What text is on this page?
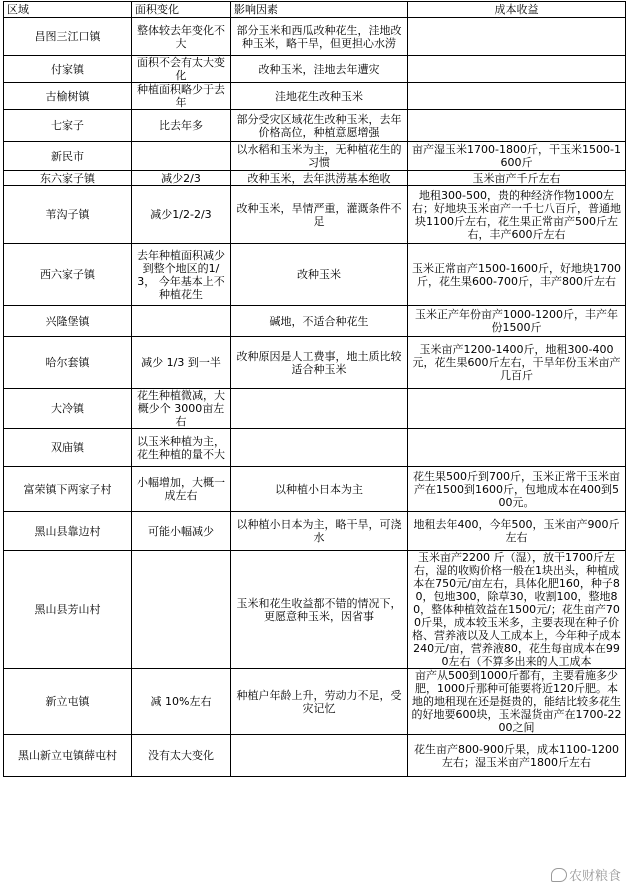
区域	面积变化	影响因素	成本收益
昌图三江口镇	整体较去年变化不大	部分玉米和西瓜改种花生，洼地改种玉米，略干旱，但更担心水涝	
付家镇	面积不会有太大变化	改种玉米，洼地去年遭灾	
古榆树镇	种植面积略少于去年	洼地花生改种玉米	
七家子	比去年多	部分受灾区域花生改种玉米，去年价格高位，种植意愿增强	
新民市		以水稻和玉米为主，无种植花生的习惯	亩产湿玉米1700-1800斤，干玉米1500-1600斤
东六家子镇	减少2/3	改种玉米，去年洪涝基本绝收	玉米亩产千斤左右
苇沟子镇	减少1/2-2/3	改种玉米，旱情严重，灌溉条件不足	地租300-500，贵的种经济作物1000左右；好地块玉米亩产一千七八百斤，普通地块1100斤左右，花生果正常亩产500斤左右，丰产600斤左右
西六家子镇	去年种植面积减少到整个地区的1/3， 今年基本上不种植花生	改种玉米	玉米正常亩产1500-1600斤，好地块1700斤，花生果600-700斤，丰产800斤左右
兴隆堡镇		碱地，不适合种花生	玉米正产年份亩产1000-1200斤，丰产年份1500斤
哈尔套镇	减少 1/3 到一半	改种原因是人工费事，地土质比较适合种玉米	玉米亩产1200-1400斤，地租300-400元，花生果600斤左右，干旱年份玉米亩产几百斤
大冷镇	花生种植微减，大概少个 3000亩左右		
双庙镇	以玉米种植为主，花生种植的量不大		
富荣镇下两家子村	小幅增加，大概一成左右	以种植小日本为主	花生果500斤到700斤，玉米正常干玉米亩产在1500到1600斤，包地成本在400到500元。
黑山县靠边村	可能小幅减少	以种植小日本为主，略干旱，可浇水	地租去年400，今年500，玉米亩产900斤左右
黑山县芳山村		玉米和花生收益都不错的情况下，更愿意种玉米，因省事	玉米亩产2200 斤（湿），放干1700斤左右，湿的收购价格一般在1块出头，种植成本在750元/亩左右，具体化肥160，种子80，包地300，除草30，收割100，整地80，整体种植效益在1500元/；花生亩产700斤果，成本较玉米多，主要表现在种子价格、营养液以及人工成本上，今年种子成本240元/亩，营养液80，花生每亩成本在990左右（不算多出来的人工成本
新立屯镇	减 10%左右	种植户年龄上升，劳动力不足，受灾记忆	亩产从500到1000斤都有，主要看施多少肥，1000斤那种可能要将近120斤肥。本地的地租现在还是挺贵的，能结比较多花生的好地要600块，玉米湿货亩产在1700-2200之间
黑山新立屯镇薛屯村	没有太大变化		花生亩产800-900斤果，成本1100-1200左右；湿玉米亩产1800斤左右
农财粮食
